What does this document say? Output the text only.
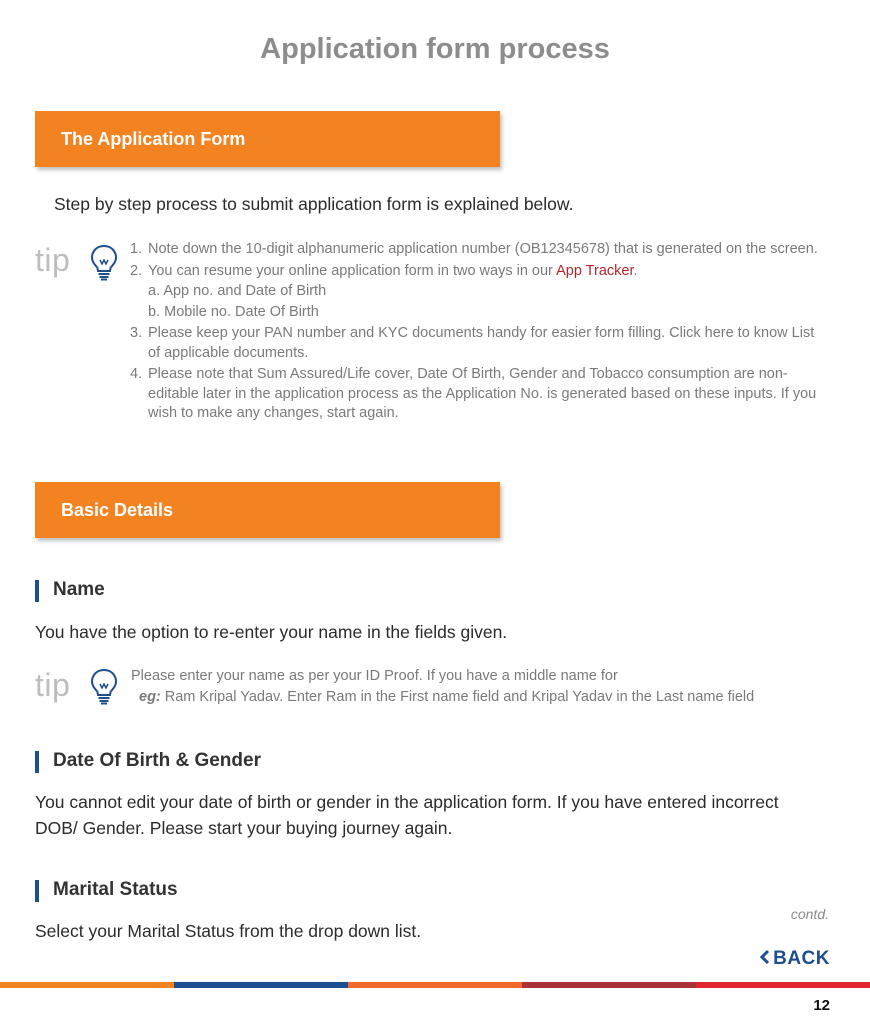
Application form process
The Application Form
Step by step process to submit application form is explained below.
tip	1. Note down the 10-digit alphanumeric application number (OB12345678) that is generated on the screen.
2. You can resume your online application form in two ways in our App Tracker.
a. App no. and Date of Birth
b. Mobile no. Date Of Birth
3. Please keep your PAN number and KYC documents handy for easier form filling. Click here to know List of applicable documents.
4. Please note that Sum Assured/Life cover, Date Of Birth, Gender and Tobacco consumption are non-editable later in the application process as the Application No. is generated based on these inputs. If you wish to make any changes, start again.
Basic Details
Name
You have the option to re-enter your name in the fields given.
tip	Please enter your name as per your ID Proof. If you have a middle name for
eg: Ram Kripal Yadav. Enter Ram in the First name field and Kripal Yadav in the Last name field
Date Of Birth & Gender
You cannot edit your date of birth or gender in the application form. If you have entered incorrect DOB/ Gender. Please start your buying journey again.
Marital Status
Select your Marital Status from the drop down list.
contd.
BACK
12
